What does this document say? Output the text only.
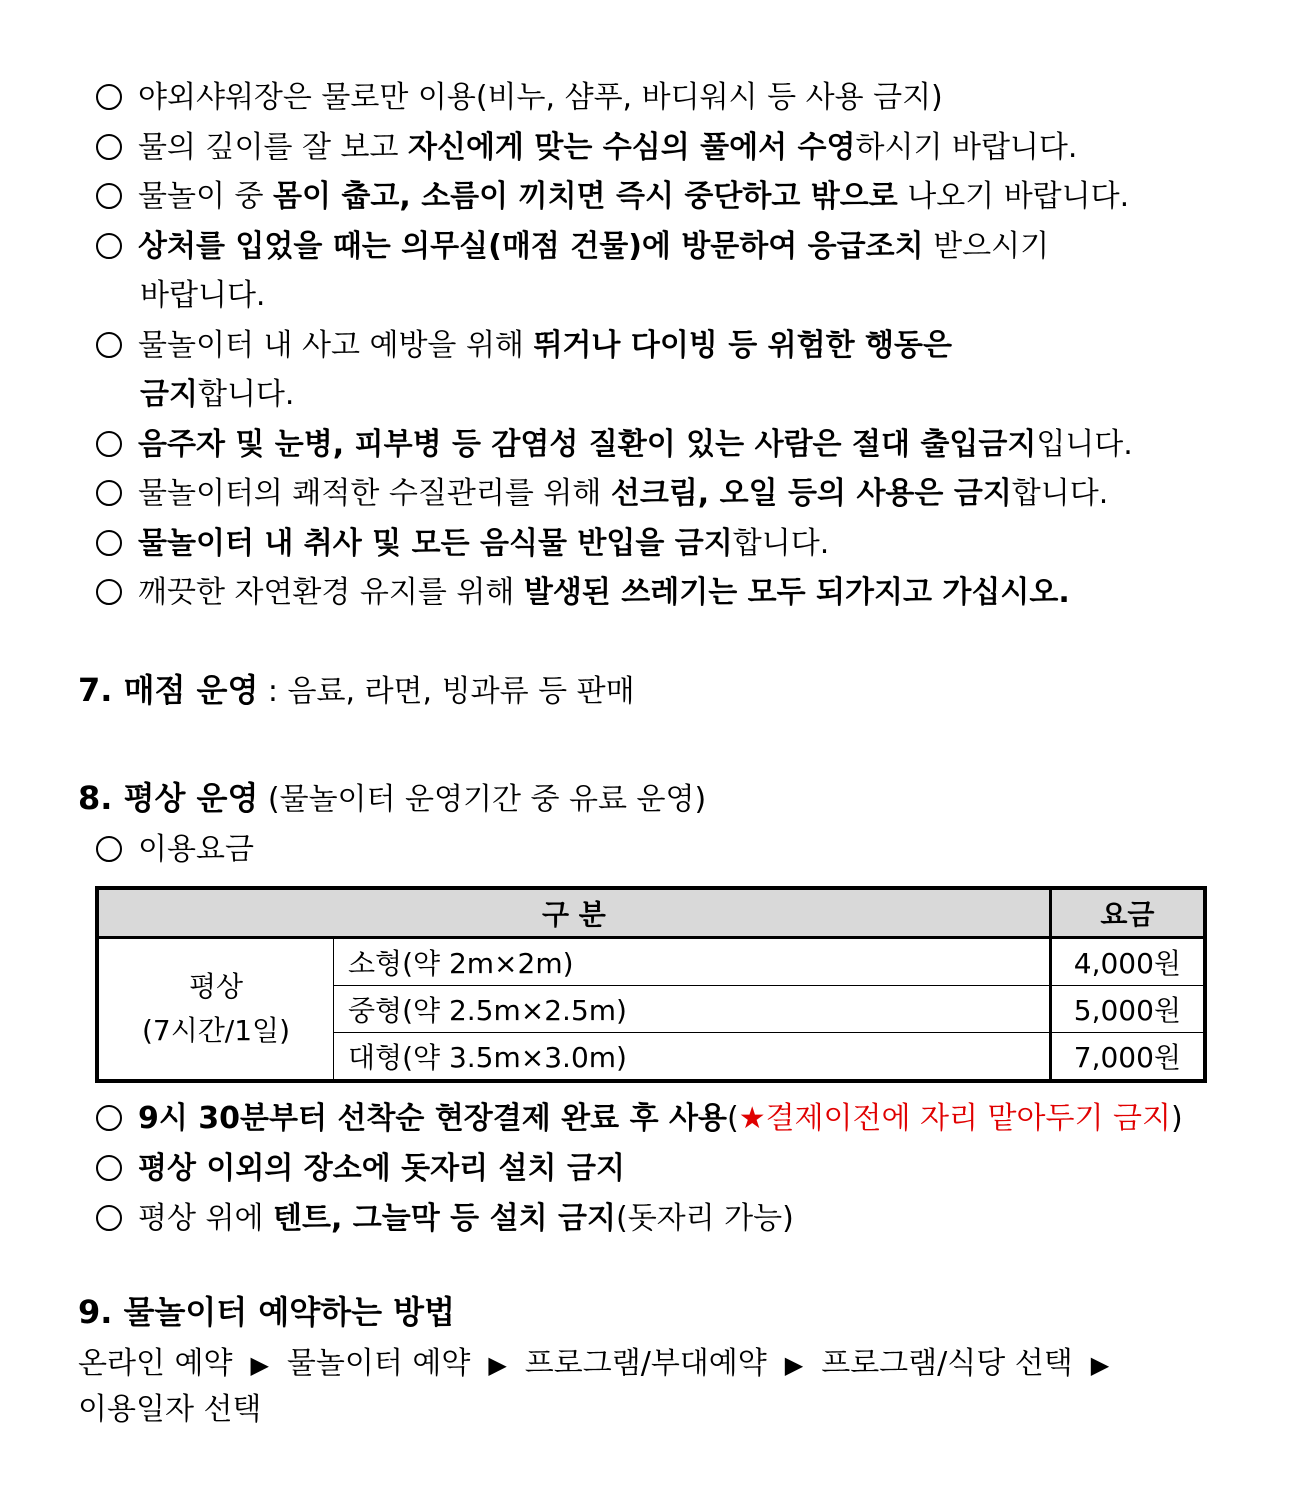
야외샤워장은 물로만 이용(비누, 샴푸, 바디워시 등 사용 금지)
물의 깊이를 잘 보고 자신에게 맞는 수심의 풀에서 수영하시기 바랍니다.
물놀이 중 몸이 춥고, 소름이 끼치면 즉시 중단하고 밖으로 나오기 바랍니다.
상처를 입었을 때는 의무실(매점 건물)에 방문하여 응급조치 받으시기
바랍니다.
물놀이터 내 사고 예방을 위해 뛰거나 다이빙 등 위험한 행동은
금지합니다.
음주자 및 눈병, 피부병 등 감염성 질환이 있는 사람은 절대 출입금지입니다.
물놀이터의 쾌적한 수질관리를 위해 선크림, 오일 등의 사용은 금지합니다.
물놀이터 내 취사 및 모든 음식물 반입을 금지합니다.
깨끗한 자연환경 유지를 위해 발생된 쓰레기는 모두 되가지고 가십시오.
7. 매점 운영 : 음료, 라면, 빙과류 등 판매
8. 평상 운영 (물놀이터 운영기간 중 유료 운영)
이용요금
구 분		요금

평상
(7시간/1일)	소형(약 2m×2m)	4,000원
	중형(약 2.5m×2.5m)	5,000원
	대형(약 3.5m×3.0m)	7,000원
9시 30분부터 선착순 현장결제 완료 후 사용(★결제이전에 자리 맡아두기 금지)
평상 이외의 장소에 돗자리 설치 금지
평상 위에 텐트, 그늘막 등 설치 금지(돗자리 가능)
9. 물놀이터 예약하는 방법
온라인 예약 ▶ 물놀이터 예약 ▶ 프로그램/부대예약 ▶ 프로그램/식당 선택 ▶
이용일자 선택
